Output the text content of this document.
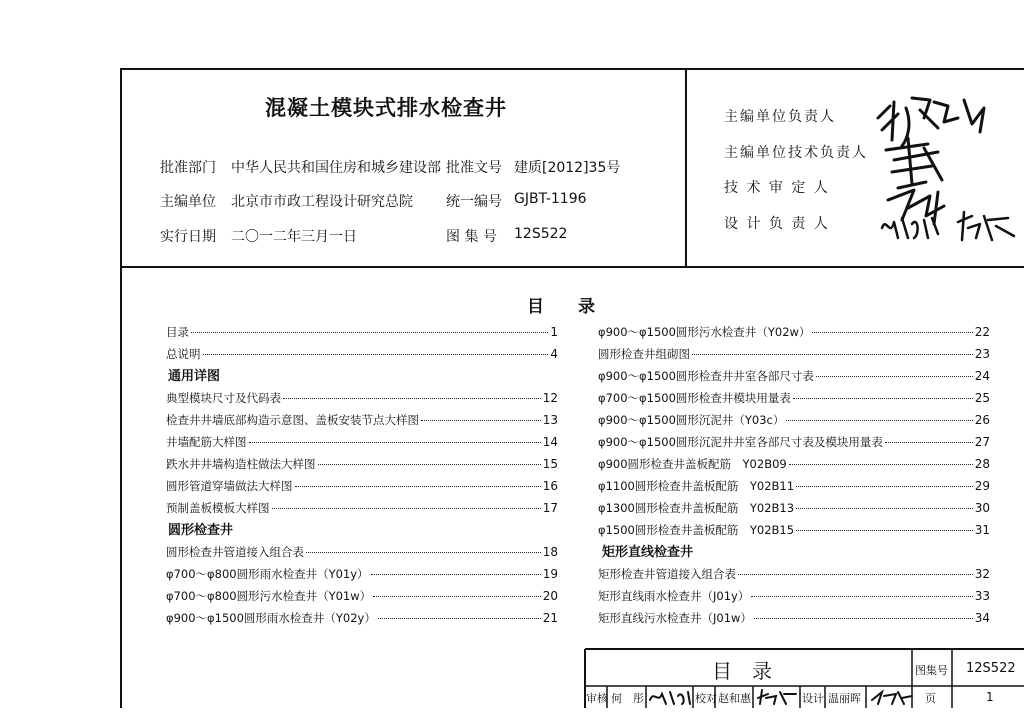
混凝土模块式排水检查井
批准部门 中华人民共和国住房和城乡建设部 批准文号 建质[2012]35号
主编单位 北京市市政工程设计研究总院 统一编号 GJBT-1196
实行日期 二〇一二年三月一日	图 集 号 12S522
主编单位负责人
主编单位技术负责人
技 术 审 定 人
设 计 负 责 人
目　　录
目录	1
总说明	4
通用详图
典型模块尺寸及代码表	12
检查井井墙底部构造示意图、盖板安装节点大样图	13
井墙配筋大样图	14
跌水井井墙构造柱做法大样图	15
圆形管道穿墙做法大样图	16
预制盖板模板大样图	17
圆形检查井
圆形检查井管道接入组合表	18
φ700～φ800圆形雨水检查井（Y01y）	19
φ700～φ800圆形污水检查井（Y01w）	20
φ900～φ1500圆形雨水检查井（Y02y）	21
φ900～φ1500圆形污水检查井（Y02w）	22
圆形检查井组砌图	23
φ900～φ1500圆形检查井井室各部尺寸表	24
φ700～φ1500圆形检查井模块用量表	25
φ900～φ1500圆形沉泥井（Y03c）	26
φ900～φ1500圆形沉泥井井室各部尺寸表及模块用量表	27
φ900圆形检查井盖板配筋　Y02B09	28
φ1100圆形检查井盖板配筋　Y02B11	29
φ1300圆形检查井盖板配筋　Y02B13	30
φ1500圆形检查井盖板配筋　Y02B15	31
矩形直线检查井
矩形检查井管道接入组合表	32
矩形直线雨水检查井（J01y）	33
矩形直线污水检查井（J01w）	34
目　录	图集号 12S522
审核 何　彤	校对 赵和惠	设计 温丽晖	页	1
